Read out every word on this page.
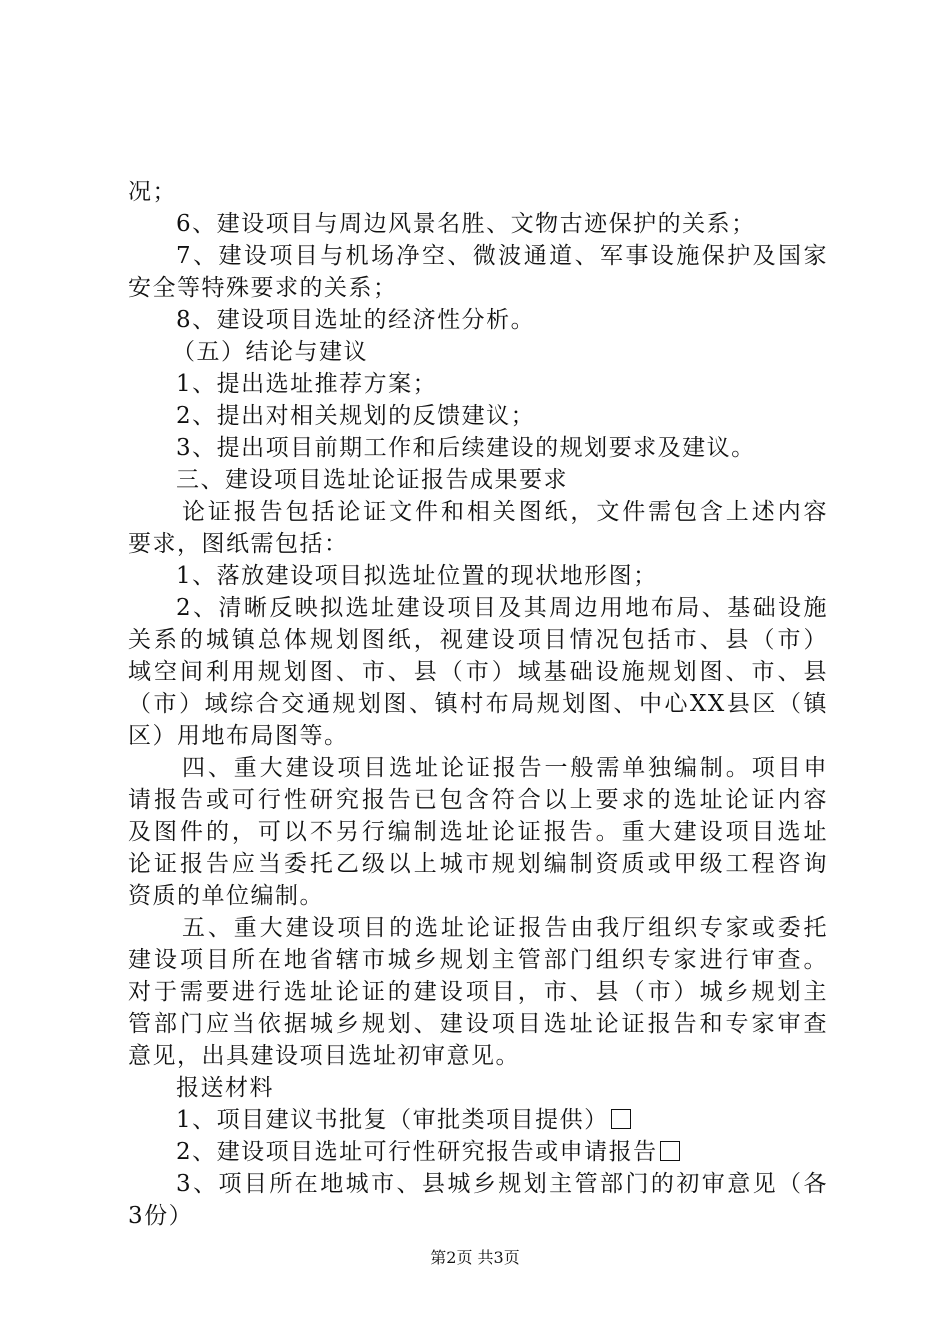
况；
6、建设项目与周边风景名胜、文物古迹保护的关系；
7、建设项目与机场净空、微波通道、军事设施保护及国家
安全等特殊要求的关系；
8、建设项目选址的经济性分析。
（五）结论与建议
1、提出选址推荐方案；
2、提出对相关规划的反馈建议；
3、提出项目前期工作和后续建设的规划要求及建议。
三、建设项目选址论证报告成果要求
论证报告包括论证文件和相关图纸，文件需包含上述内容
要求，图纸需包括：
1、落放建设项目拟选址位置的现状地形图；
2、清晰反映拟选址建设项目及其周边用地布局、基础设施
关系的城镇总体规划图纸，视建设项目情况包括市、县（市）
域空间利用规划图、市、县（市）域基础设施规划图、市、县
（市）域综合交通规划图、镇村布局规划图、中心XX县区（镇
区）用地布局图等。
四、重大建设项目选址论证报告一般需单独编制。项目申
请报告或可行性研究报告已包含符合以上要求的选址论证内容
及图件的，可以不另行编制选址论证报告。重大建设项目选址
论证报告应当委托乙级以上城市规划编制资质或甲级工程咨询
资质的单位编制。
五、重大建设项目的选址论证报告由我厅组织专家或委托
建设项目所在地省辖市城乡规划主管部门组织专家进行审查。
对于需要进行选址论证的建设项目，市、县（市）城乡规划主
管部门应当依据城乡规划、建设项目选址论证报告和专家审查
意见，出具建设项目选址初审意见。
报送材料
1、项目建议书批复（审批类项目提供）
2、建设项目选址可行性研究报告或申请报告
3、项目所在地城市、县城乡规划主管部门的初审意见（各
3份）
第2页 共3页
